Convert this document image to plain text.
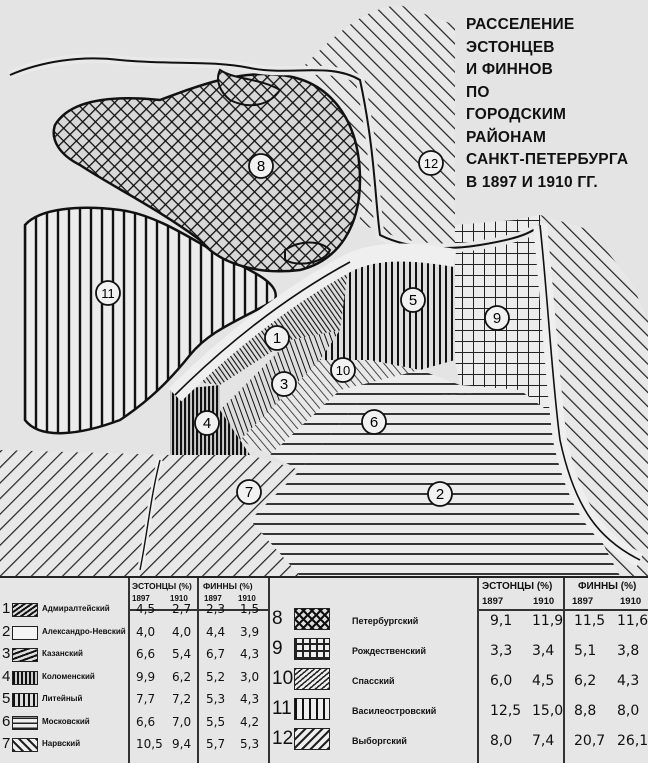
1
2
3
4
5
6
7
8
9
10
11
12
РАССЕЛЕНИЕ
ЭСТОНЦЕВ
И ФИННОВ
ПО
ГОРОДСКИМ
РАЙОНАМ
САНКТ-ПЕТЕРБУРГА
В 1897 И 1910 ГГ.
ЭСТОНЦЫ (%) ФИННЫ (%)
1897	1910 1897 1910
ЭСТОНЦЫ (%)	ФИННЫ (%)
1897	1910 1897	1910
1	Адмиралтейский 4,5 2,7 2,3 1,5
2	Александро-Невский 4,0 4,0 4,4 3,9
3	Казанский	6,6 5,4 6,7 4,3
4	Коломенский	9,9 6,2 5,2 3,0
5	Литейный	7,7 7,2 5,3 4,3
6	Московский	6,6 7,0 5,5 4,2
7	Нарвский	10,5 9,4 5,7 5,3
8	Петербургский	9,1 11,9 11,5 11,6
9	Рождественский	3,3 3,4 5,1 3,8
10	Спасский	6,0 4,5 6,2 4,3
11	Василеостровский	12,5 15,0 8,8 8,0
12	Выборгский	8,0 7,4 20,7 26,1
